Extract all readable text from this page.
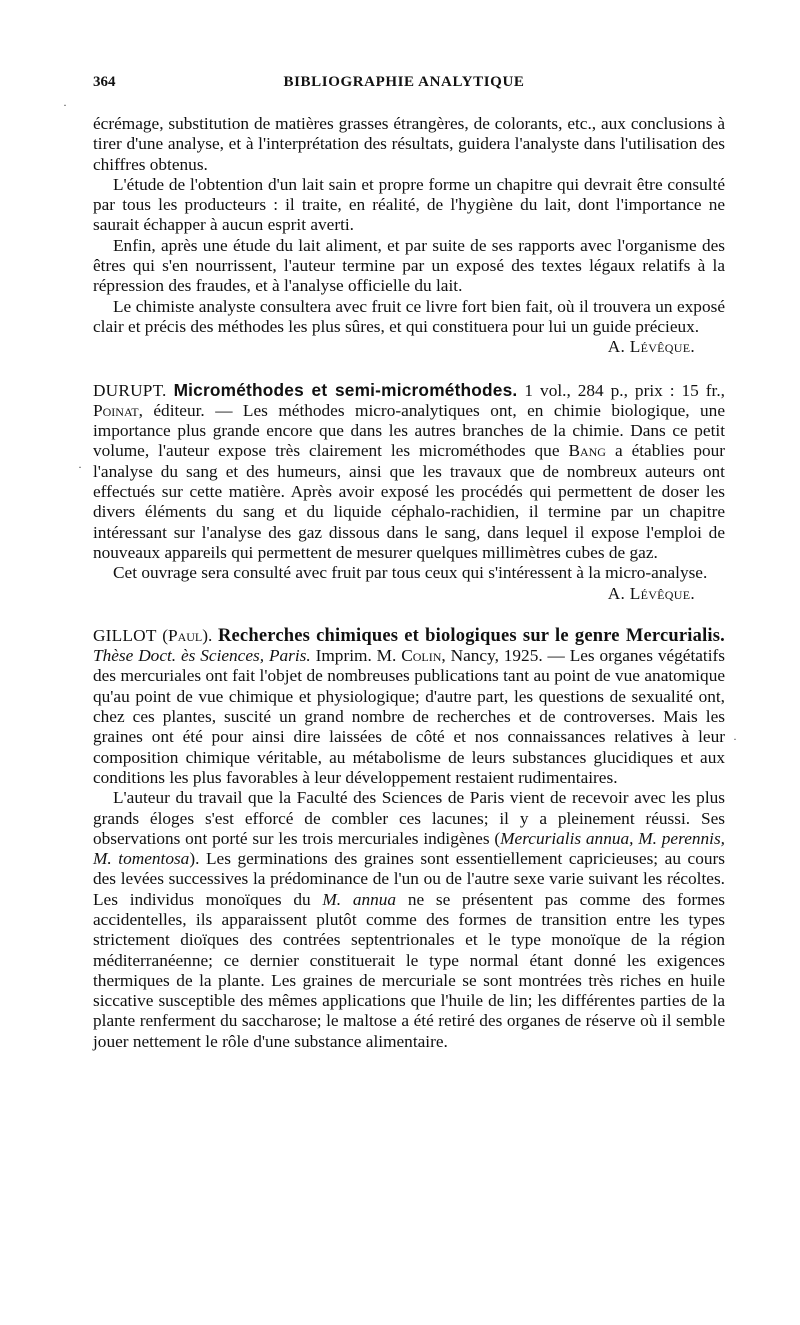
364	BIBLIOGRAPHIE ANALYTIQUE

écrémage, substitution de matières grasses étrangères, de colorants, etc., aux conclusions à tirer d'une analyse, et à l'interprétation des résultats, guidera l'analyste dans l'utilisation des chiffres obtenus.

L'étude de l'obtention d'un lait sain et propre forme un chapitre qui devrait être consulté par tous les producteurs : il traite, en réalité, de l'hygiène du lait, dont l'importance ne saurait échapper à aucun esprit averti.

Enfin, après une étude du lait aliment, et par suite de ses rapports avec l'organisme des êtres qui s'en nourrissent, l'auteur termine par un exposé des textes légaux relatifs à la répression des fraudes, et à l'analyse officielle du lait.

Le chimiste analyste consultera avec fruit ce livre fort bien fait, où il trouvera un exposé clair et précis des méthodes les plus sûres, et qui constituera pour lui un guide précieux.
A. Lévêque.

DURUPT. Microméthodes et semi-microméthodes. 1 vol., 284 p., prix : 15 fr., Poinat, éditeur. — Les méthodes micro-analytiques ont, en chimie biologique, une importance plus grande encore que dans les autres branches de la chimie. Dans ce petit volume, l'auteur expose très clairement les microméthodes que Bang a établies pour l'analyse du sang et des humeurs, ainsi que les travaux que de nombreux auteurs ont effectués sur cette matière. Après avoir exposé les procédés qui permettent de doser les divers éléments du sang et du liquide céphalo-rachidien, il termine par un chapitre intéressant sur l'analyse des gaz dissous dans le sang, dans lequel il expose l'emploi de nouveaux appareils qui permettent de mesurer quelques millimètres cubes de gaz.

Cet ouvrage sera consulté avec fruit par tous ceux qui s'intéressent à la micro-analyse.
A. Lévêque.

GILLOT (Paul). Recherches chimiques et biologiques sur le genre Mercurialis. Thèse Doct. ès Sciences, Paris. Imprim. M. Colin, Nancy, 1925. — Les organes végétatifs des mercuriales ont fait l'objet de nombreuses publications tant au point de vue anatomique qu'au point de vue chimique et physiologique; d'autre part, les questions de sexualité ont, chez ces plantes, suscité un grand nombre de recherches et de controverses. Mais les graines ont été pour ainsi dire laissées de côté et nos connaissances relatives à leur composition chimique véritable, au métabolisme de leurs substances glucidiques et aux conditions les plus favorables à leur développement restaient rudimentaires.

L'auteur du travail que la Faculté des Sciences de Paris vient de recevoir avec les plus grands éloges s'est efforcé de combler ces lacunes; il y a pleinement réussi. Ses observations ont porté sur les trois mercuriales indigènes (Mercurialis annua, M. perennis, M. tomentosa). Les germinations des graines sont essentiellement capricieuses; au cours des levées successives la prédominance de l'un ou de l'autre sexe varie suivant les récoltes. Les individus monoïques du M. annua ne se présentent pas comme des formes accidentelles, ils apparaissent plutôt comme des formes de transition entre les types strictement dioïques des contrées septentrionales et le type monoïque de la région méditerranéenne; ce dernier constituerait le type normal étant donné les exigences thermiques de la plante. Les graines de mercuriale se sont montrées très riches en huile siccative susceptible des mêmes applications que l'huile de lin; les différentes parties de la plante renferment du saccharose; le maltose a été retiré des organes de réserve où il semble jouer nettement le rôle d'une substance alimentaire.

·
·
·
